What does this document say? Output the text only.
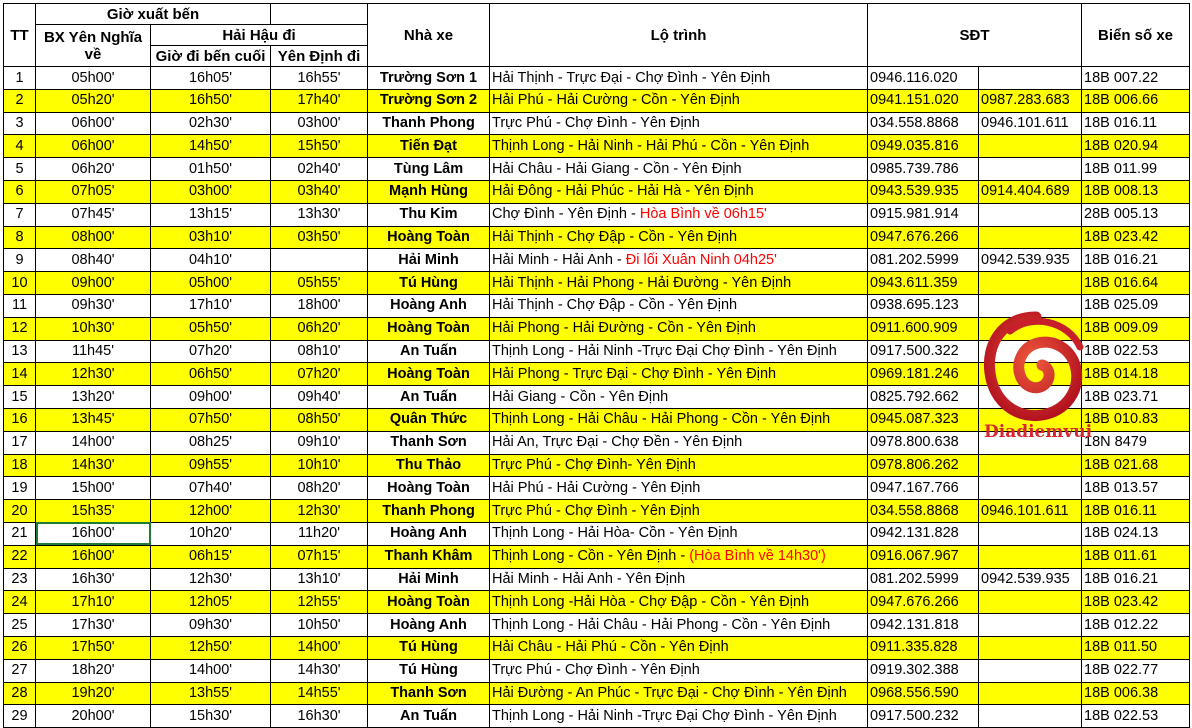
TT	Giờ xuất bến			Nhà xe	Lộ trình	SĐT		Biển số xe
	BX Yên Nghĩa về	Hải Hậu đi						
		Giờ đi bến cuối	Yên Định đi					
1	05h00'	16h05'	16h55'	Trường Sơn 1	Hải Thịnh - Trực Đại - Chợ Đình - Yên Định	0946.116.020		18B 007.22
2	05h20'	16h50'	17h40'	Trường Sơn 2	Hải Phú - Hải Cường - Cồn - Yên Định	0941.151.020	0987.283.683	18B 006.66
3	06h00'	02h30'	03h00'	Thanh Phong	Trực Phú - Chợ Đình - Yên Định	034.558.8868	0946.101.611	18B 016.11
4	06h00'	14h50'	15h50'	Tiến Đạt	Thịnh Long - Hải Ninh - Hải Phú - Cồn - Yên Định	0949.035.816		18B 020.94
5	06h20'	01h50'	02h40'	Tùng Lâm	Hải Châu - Hải Giang - Cồn - Yên Định	0985.739.786		18B 011.99
6	07h05'	03h00'	03h40'	Mạnh Hùng	Hải Đông - Hải Phúc - Hải Hà - Yên Định	0943.539.935	0914.404.689	18B 008.13
7	07h45'	13h15'	13h30'	Thu Kim	Chợ Đình - Yên Định - Hòa Bình về 06h15'	0915.981.914		28B 005.13
8	08h00'	03h10'	03h50'	Hoàng Toàn	Hải Thịnh - Chợ Đập - Cồn - Yên Định	0947.676.266		18B 023.42
9	08h40'	04h10'		Hải Minh	Hải Minh - Hải Anh - Đi lối Xuân Ninh 04h25'	081.202.5999	0942.539.935	18B 016.21
10	09h00'	05h00'	05h55'	Tú Hùng	Hải Thịnh - Hải Phong - Hải Đường - Yên Định	0943.611.359		18B 016.64
11	09h30'	17h10'	18h00'	Hoàng Anh	Hải Thịnh - Chợ Đập - Cồn - Yên Định	0938.695.123		18B 025.09
12	10h30'	05h50'	06h20'	Hoàng Toàn	Hải Phong - Hải Đường - Cồn - Yên Định	0911.600.909		18B 009.09
13	11h45'	07h20'	08h10'	An Tuấn	Thịnh Long - Hải Ninh -Trực Đại Chợ Đình - Yên Định	0917.500.322		18B 022.53
14	12h30'	06h50'	07h20'	Hoàng Toàn	Hải Phong - Trực Đại - Chợ Đình - Yên Định	0969.181.246		18B 014.18
15	13h20'	09h00'	09h40'	An Tuấn	Hải Giang - Cồn - Yên Định	0825.792.662		18B 023.71
16	13h45'	07h50'	08h50'	Quân Thức	Thịnh Long - Hải Châu - Hải Phong - Cồn - Yên Định	0945.087.323		18B 010.83
17	14h00'	08h25'	09h10'	Thanh Sơn	Hải An, Trực Đại - Chợ Đền - Yên Định	0978.800.638		18N 8479
18	14h30'	09h55'	10h10'	Thu Thảo	Trực Phú - Chợ Đình- Yên Định	0978.806.262		18B 021.68
19	15h00'	07h40'	08h20'	Hoàng Toàn	Hải Phú - Hải Cường - Yên Định	0947.167.766		18B 013.57
20	15h35'	12h00'	12h30'	Thanh Phong	Trực Phú - Chợ Đình - Yên Định	034.558.8868	0946.101.611	18B 016.11
21	16h00'	10h20'	11h20'	Hoàng Anh	Thịnh Long - Hải Hòa- Cồn - Yên Định	0942.131.828		18B 024.13
22	16h00'	06h15'	07h15'	Thanh Khâm	Thịnh Long - Cồn - Yên Định - (Hòa Bình về 14h30')	0916.067.967		18B 011.61
23	16h30'	12h30'	13h10'	Hải Minh	Hải Minh - Hải Anh - Yên Định	081.202.5999	0942.539.935	18B 016.21
24	17h10'	12h05'	12h55'	Hoàng Toàn	Thịnh Long -Hải Hòa - Chợ Đập - Cồn - Yên Định	0947.676.266		18B 023.42
25	17h30'	09h30'	10h50'	Hoàng Anh	Thịnh Long - Hải Châu - Hải Phong - Cồn - Yên Định	0942.131.818		18B 012.22
26	17h50'	12h50'	14h00'	Tú Hùng	Hải Châu - Hải Phú - Cồn - Yên Định	0911.335.828		18B 011.50
27	18h20'	14h00'	14h30'	Tú Hùng	Trực Phú - Chợ Đình - Yên Định	0919.302.388		18B 022.77
28	19h20'	13h55'	14h55'	Thanh Sơn	Hải Đường - An Phúc - Trực Đại - Chợ Đình - Yên Định	0968.556.590		18B 006.38
29	20h00'	15h30'	16h30'	An Tuấn	Thịnh Long - Hải Ninh -Trực Đại Chợ Đình - Yên Định	0917.500.232		18B 022.53
Diadiemvui
